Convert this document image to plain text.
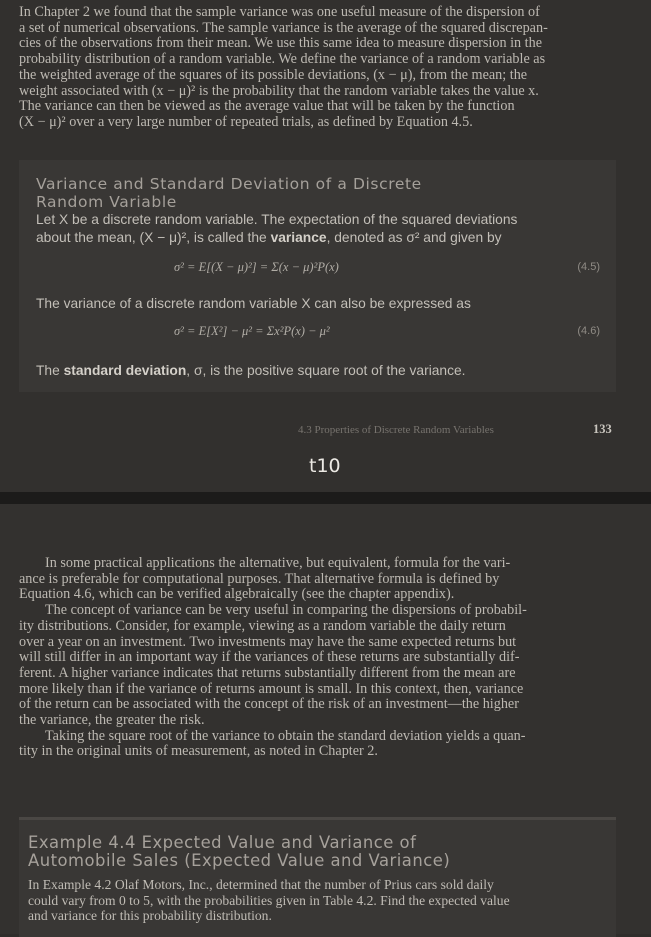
In Chapter 2 we found that the sample variance was one useful measure of the dispersion of
a set of numerical observations. The sample variance is the average of the squared discrepan-
cies of the observations from their mean. We use this same idea to measure dispersion in the
probability distribution of a random variable. We define the variance of a random variable as
the weighted average of the squares of its possible deviations, (x − μ), from the mean; the
weight associated with (x − μ)² is the probability that the random variable takes the value x.
The variance can then be viewed as the average value that will be taken by the function
(X − μ)² over a very large number of repeated trials, as defined by Equation 4.5.

Variance and Standard Deviation of a Discrete
Random Variable
Let X be a discrete random variable. The expectation of the squared deviations
about the mean, (X − μ)², is called the variance, denoted as σ² and given by
σ² = E[(X − μ)²] = Σ(x − μ)²P(x)	(4.5)
The variance of a discrete random variable X can also be expressed as
σ² = E[X²] − μ² = Σx²P(x) − μ²	(4.6)
The standard deviation, σ, is the positive square root of the variance.
4.3 Properties of Discrete Random Variables	133
t10

In some practical applications the alternative, but equivalent, formula for the vari-
ance is preferable for computational purposes. That alternative formula is defined by
Equation 4.6, which can be verified algebraically (see the chapter appendix).
The concept of variance can be very useful in comparing the dispersions of probabil-
ity distributions. Consider, for example, viewing as a random variable the daily return
over a year on an investment. Two investments may have the same expected returns but
will still differ in an important way if the variances of these returns are substantially dif-
ferent. A higher variance indicates that returns substantially different from the mean are
more likely than if the variance of returns amount is small. In this context, then, variance
of the return can be associated with the concept of the risk of an investment—the higher
the variance, the greater the risk.
Taking the square root of the variance to obtain the standard deviation yields a quan-
tity in the original units of measurement, as noted in Chapter 2.

Example 4.4 Expected Value and Variance of
Automobile Sales (Expected Value and Variance)

In Example 4.2 Olaf Motors, Inc., determined that the number of Prius cars sold daily
could vary from 0 to 5, with the probabilities given in Table 4.2. Find the expected value
and variance for this probability distribution.
